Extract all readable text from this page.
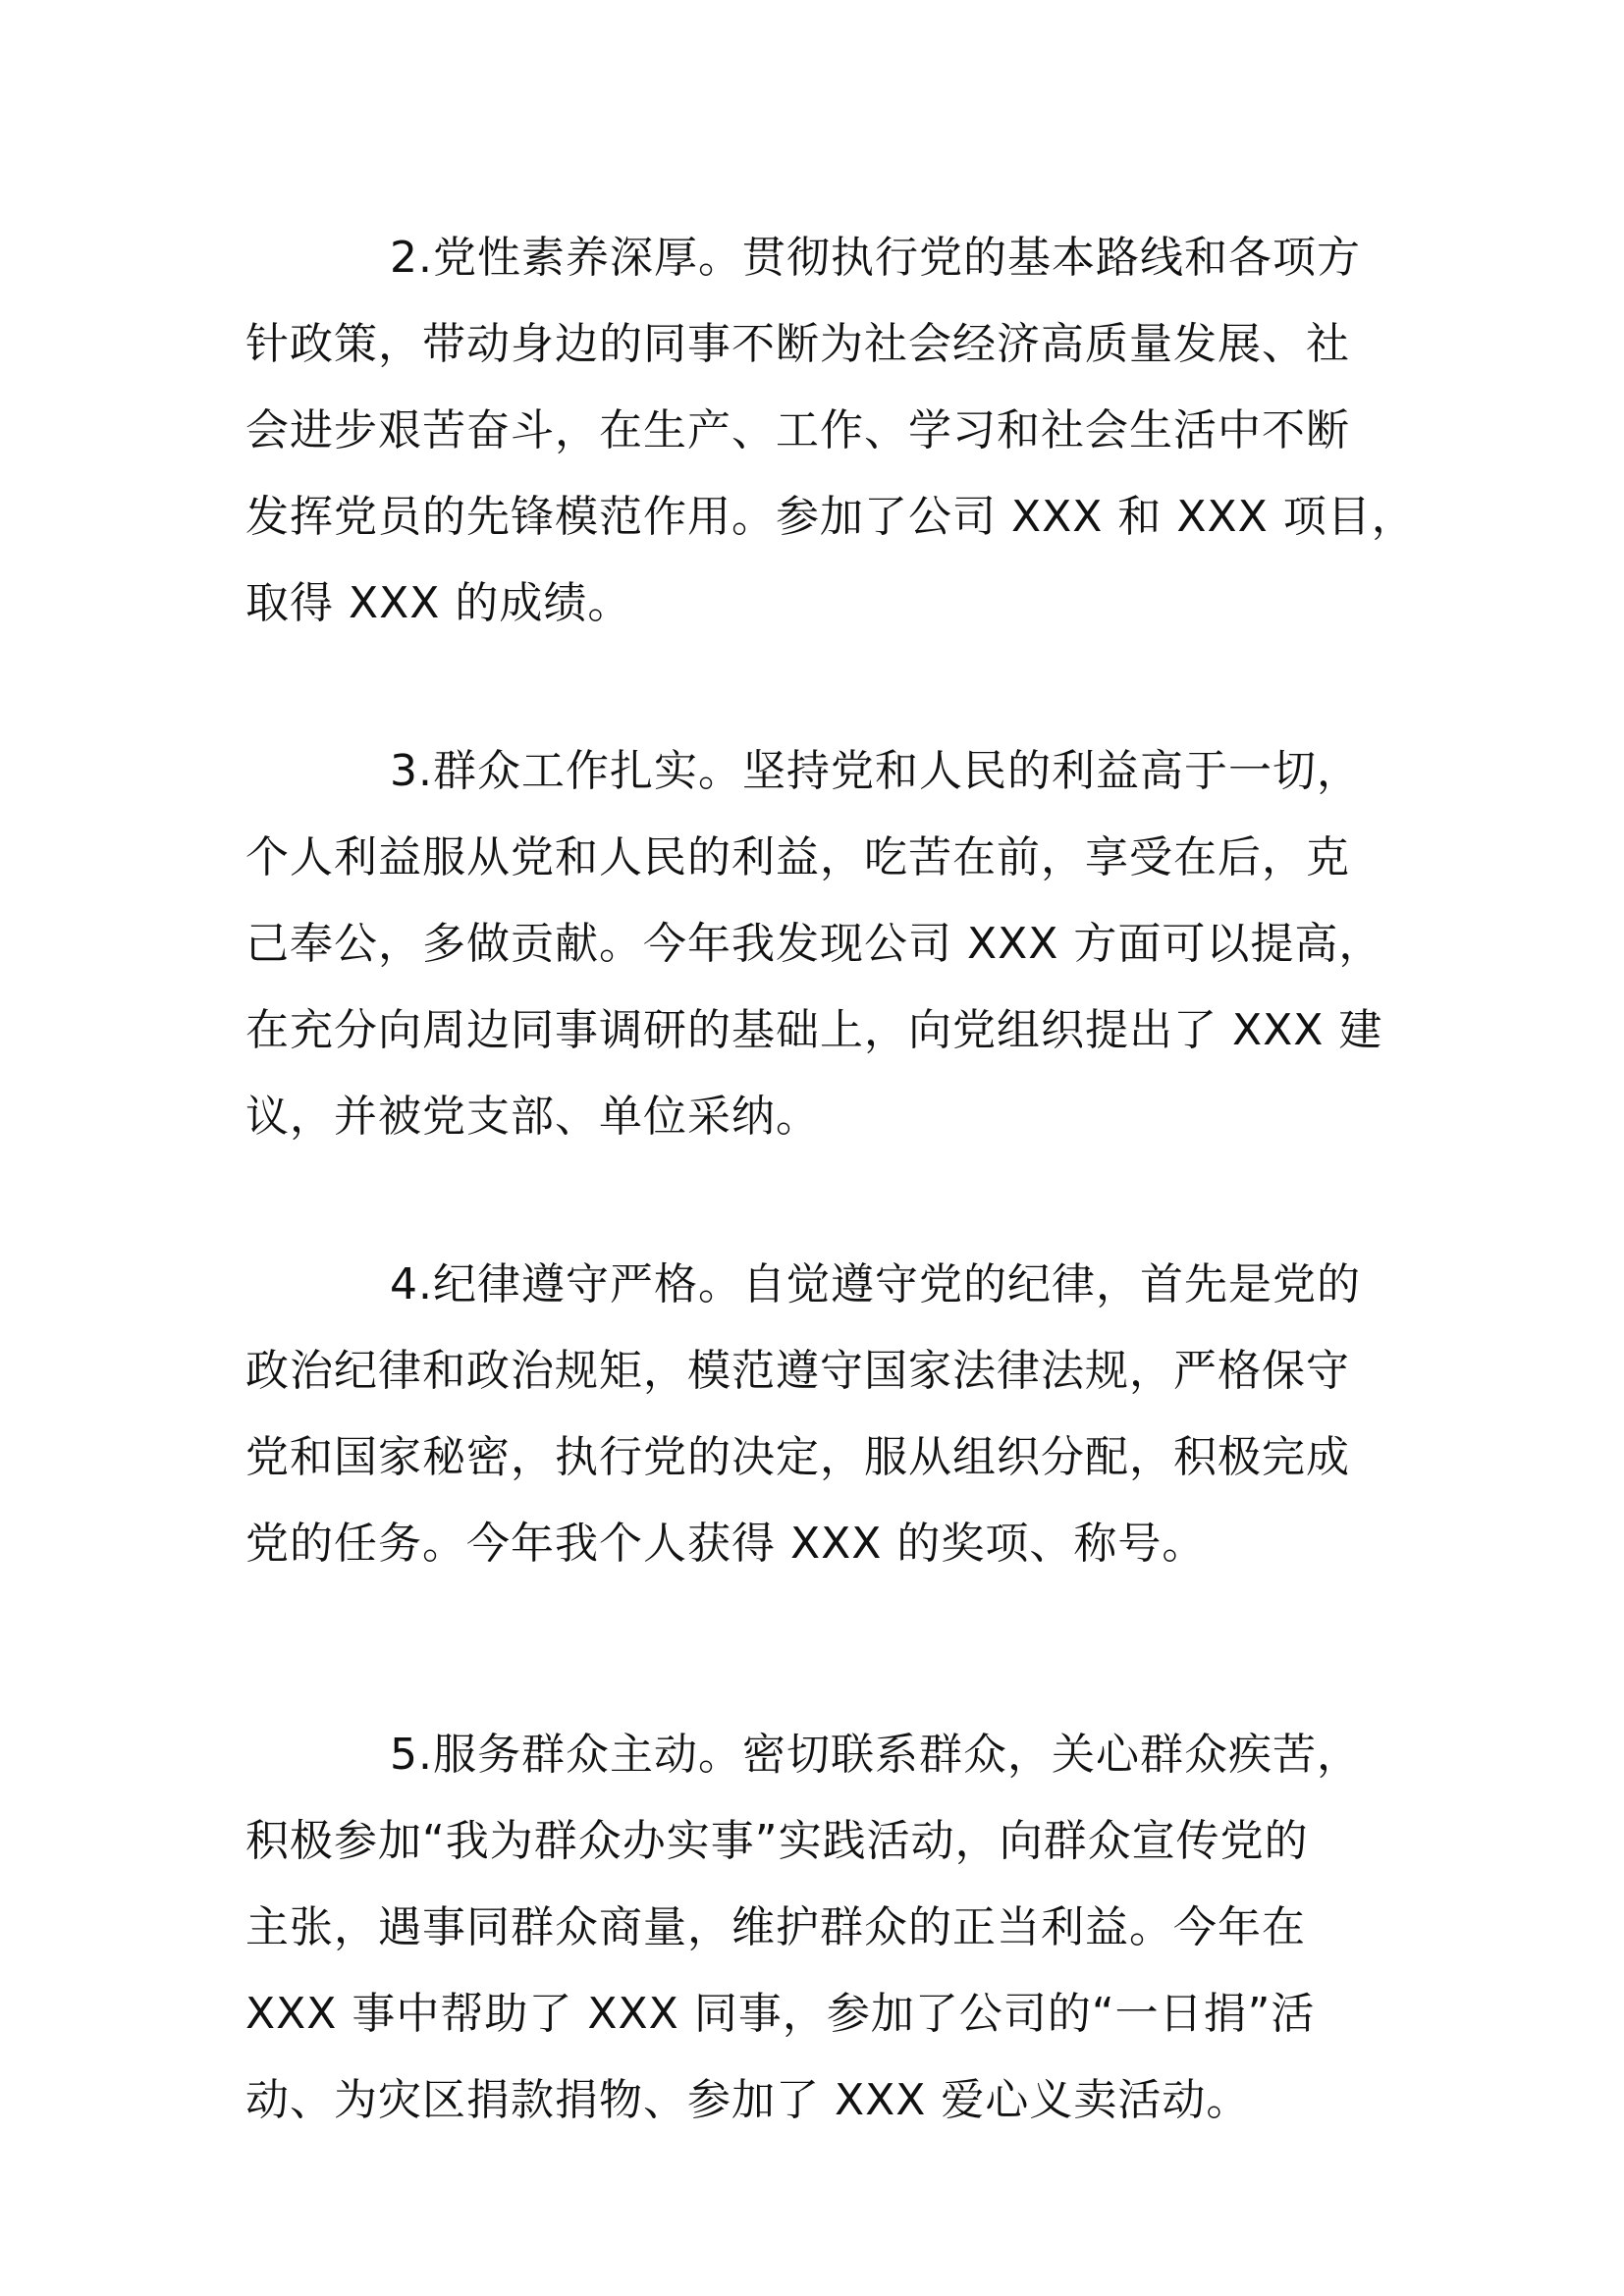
2.党性素养深厚。贯彻执行党的基本路线和各项方
针政策，带动身边的同事不断为社会经济高质量发展、社
会进步艰苦奋斗，在生产、工作、学习和社会生活中不断
发挥党员的先锋模范作用。参加了公司 XXX 和 XXX 项目，
取得 XXX 的成绩。
3.群众工作扎实。坚持党和人民的利益高于一切，
个人利益服从党和人民的利益，吃苦在前，享受在后，克
己奉公，多做贡献。今年我发现公司 XXX 方面可以提高，
在充分向周边同事调研的基础上，向党组织提出了 XXX 建
议，并被党支部、单位采纳。
4.纪律遵守严格。自觉遵守党的纪律，首先是党的
政治纪律和政治规矩，模范遵守国家法律法规，严格保守
党和国家秘密，执行党的决定，服从组织分配，积极完成
党的任务。今年我个人获得 XXX 的奖项、称号。
5.服务群众主动。密切联系群众，关心群众疾苦，
积极参加“我为群众办实事”实践活动，向群众宣传党的
主张，遇事同群众商量，维护群众的正当利益。今年在
XXX 事中帮助了 XXX 同事，参加了公司的“一日捐”活
动、为灾区捐款捐物、参加了 XXX 爱心义卖活动。
